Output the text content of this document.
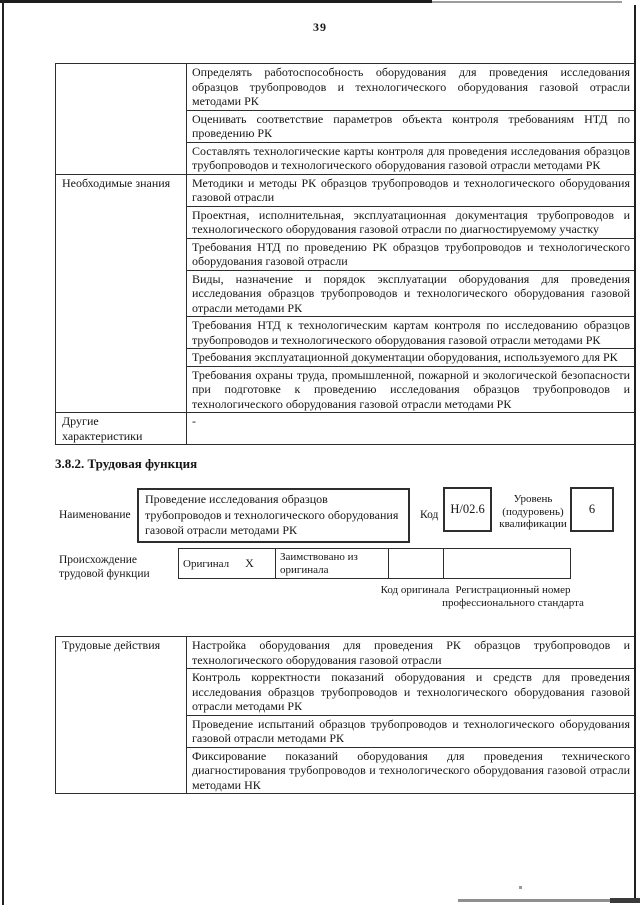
39
	Определять работоспособность оборудования для проведения исследования образцов трубопроводов и технологического оборудования газовой отрасли методами РК
	Оценивать соответствие параметров объекта контроля требованиям НТД по проведению РК
	Составлять технологические карты контроля для проведения исследования образцов трубопроводов и технологического оборудования газовой отрасли методами РК
Необходимые знания	Методики и методы РК образцов трубопроводов и технологического оборудования газовой отрасли
	Проектная, исполнительная, эксплуатационная документация трубопроводов и технологического оборудования газовой отрасли по диагностируемому участку
	Требования НТД по проведению РК образцов трубопроводов и технологического оборудования газовой отрасли
	Виды, назначение и порядок эксплуатации оборудования для проведения исследования образцов трубопроводов и технологического оборудования газовой отрасли методами РК
	Требования НТД к технологическим картам контроля по исследованию образцов трубопроводов и технологического оборудования газовой отрасли методами РК
	Требования эксплуатационной документации оборудования, используемого для РК
	Требования охраны труда, промышленной, пожарной и экологической безопасности при подготовке к проведению исследования образцов трубопроводов и технологического оборудования газовой отрасли методами РК
Другие характеристики	-
3.8.2. Трудовая функция
Наименование
Проведение исследования образцов трубопроводов и технологического оборудования газовой отрасли методами РК
Код Н/02.6
Уровень (подуровень) квалификации
6
Происхождение трудовой функции
Оригинал X	Заимствовано из оригинала		
Код оригинала Регистрационный номер профессионального стандарта
Трудовые действия	Настройка оборудования для проведения РК образцов трубопроводов и технологического оборудования газовой отрасли
Контроль корректности показаний оборудования и средств для проведения исследования образцов трубопроводов и технологического оборудования газовой отрасли методами РК
Проведение испытаний образцов трубопроводов и технологического оборудования газовой отрасли методами РК
Фиксирование показаний оборудования для проведения технического диагностирования трубопроводов и технологического оборудования газовой отрасли методами НК
